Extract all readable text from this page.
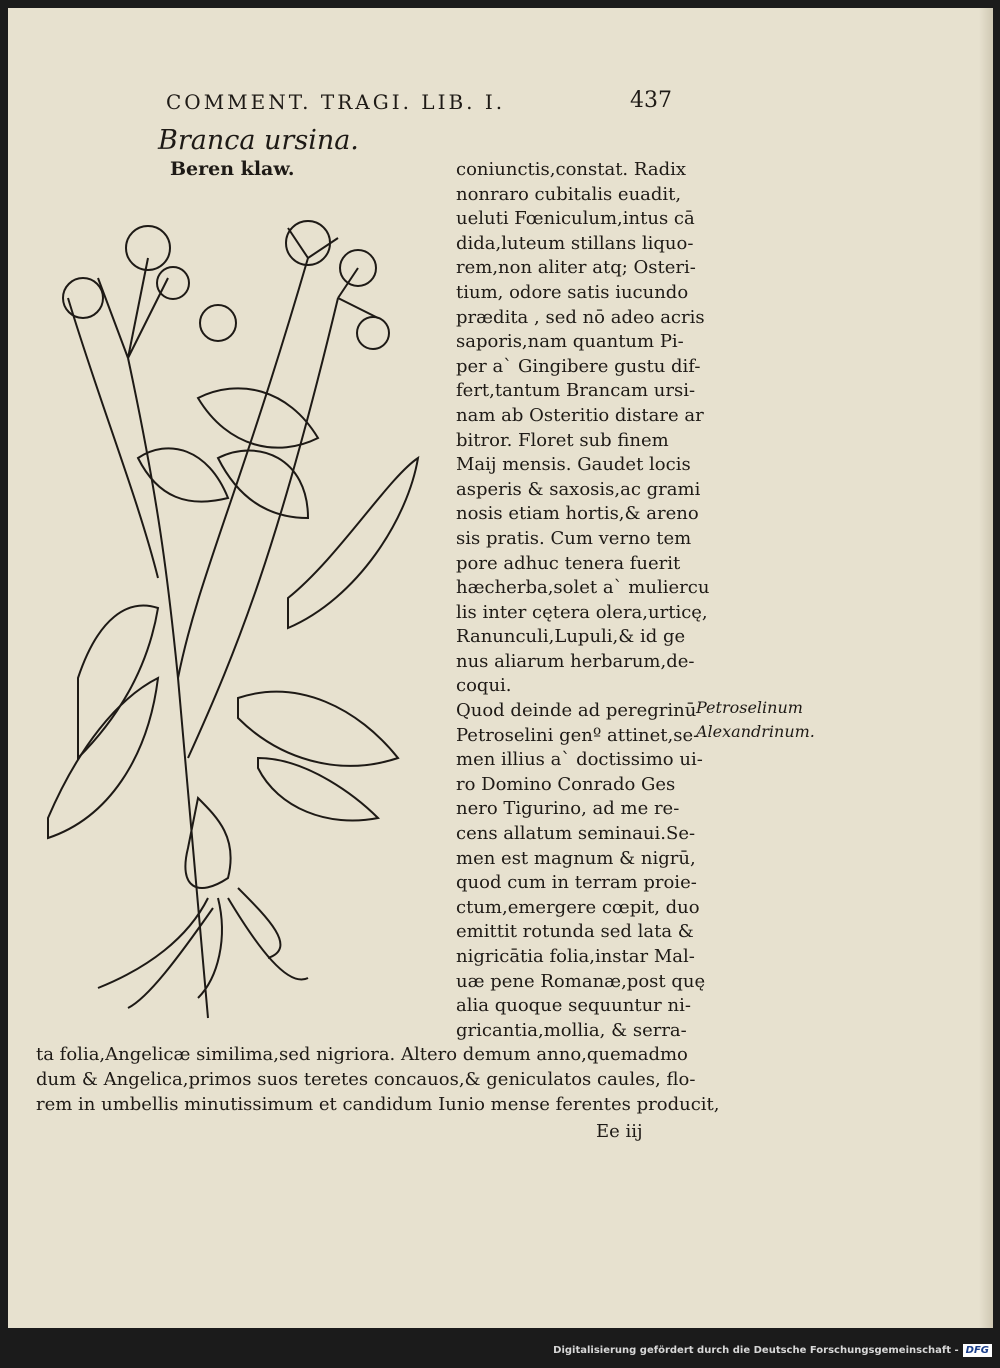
COMMENT. TRAGI. LIB. I.	437
Branca ursina.
Beren klaw.	coniunctis,constat. Radix
nonraro cubitalis euadit,
ueluti Fœniculum,intus cā
dida,luteum stillans liquo-
rem,non aliter atq; Osteri-
tium, odore satis iucundo
prædita , sed nō adeo acris
saporis,nam quantum Pi-
per a` Gingibere gustu dif-
fert,tantum Brancam ursi-
nam ab Osteritio distare ar
bitror. Floret sub finem
Maij mensis. Gaudet locis
asperis & saxosis,ac grami
nosis etiam hortis,& areno
sis pratis. Cum verno tem
pore adhuc tenera fuerit
hæcherba,solet a` muliercu
lis inter cętera olera,urticę,
Ranunculi,Lupuli,& id ge
nus aliarum herbarum,de-
coqui.
Quod deinde ad peregrinū
Petroselini genº attinet,se-
men illius a` doctissimo ui-
ro Domino Conrado Ges
nero Tigurino, ad me re-
cens allatum seminaui.Se-
men est magnum & nigrū,
quod cum in terram proie-
ctum,emergere cœpit, duo
emittit rotunda sed lata &
nigricātia folia,instar Mal-
uæ pene Romanæ,post quę
alia quoque sequuntur ni-
gricantia,mollia, & serra-
Petroselinum
Alexandrinum.
ta folia,Angelicæ similima,sed nigriora. Altero demum anno,quemadmo
dum & Angelica,primos suos teretes concauos,& geniculatos caules, flo-
rem in umbellis minutissimum et candidum Iunio mense ferentes producit,
Ee iij
Digitalisierung gefördert durch die Deutsche Forschungsgemeinschaft - DFG
